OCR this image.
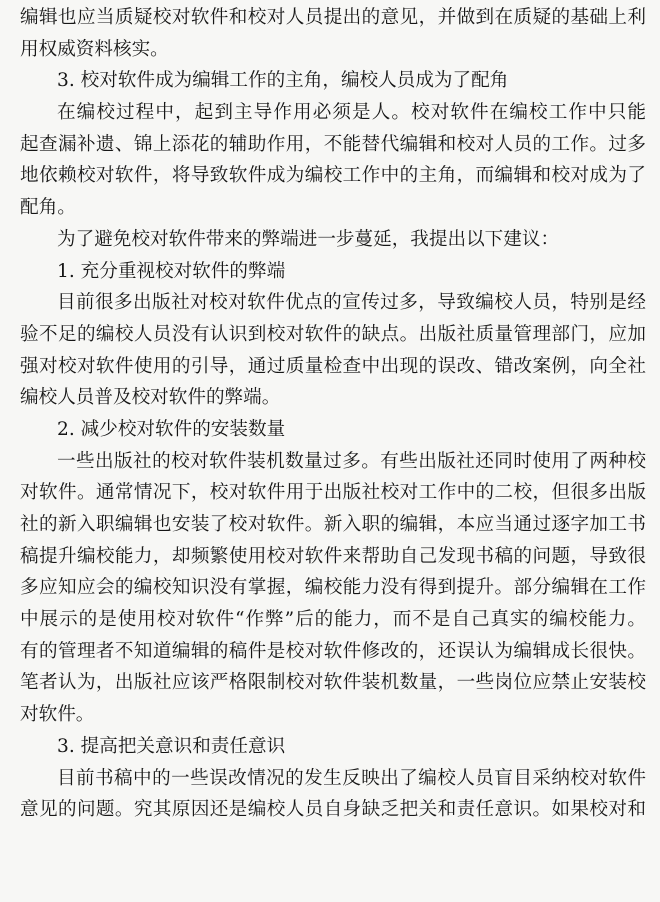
编辑也应当质疑校对软件和校对人员提出的意见，并做到在质疑的基础上利
用权威资料核实。
3. 校对软件成为编辑工作的主角，编校人员成为了配角
在编校过程中，起到主导作用必须是人。校对软件在编校工作中只能
起查漏补遗、锦上添花的辅助作用，不能替代编辑和校对人员的工作。过多
地依赖校对软件，将导致软件成为编校工作中的主角，而编辑和校对成为了
配角。
为了避免校对软件带来的弊端进一步蔓延，我提出以下建议：
1. 充分重视校对软件的弊端
目前很多出版社对校对软件优点的宣传过多，导致编校人员，特别是经
验不足的编校人员没有认识到校对软件的缺点。出版社质量管理部门，应加
强对校对软件使用的引导，通过质量检查中出现的误改、错改案例，向全社
编校人员普及校对软件的弊端。
2. 减少校对软件的安装数量
一些出版社的校对软件装机数量过多。有些出版社还同时使用了两种校
对软件。通常情况下，校对软件用于出版社校对工作中的二校，但很多出版
社的新入职编辑也安装了校对软件。新入职的编辑，本应当通过逐字加工书
稿提升编校能力，却频繁使用校对软件来帮助自己发现书稿的问题，导致很
多应知应会的编校知识没有掌握，编校能力没有得到提升。部分编辑在工作
中展示的是使用校对软件“作弊”后的能力，而不是自己真实的编校能力。
有的管理者不知道编辑的稿件是校对软件修改的，还误认为编辑成长很快。
笔者认为，出版社应该严格限制校对软件装机数量，一些岗位应禁止安装校
对软件。
3. 提高把关意识和责任意识
目前书稿中的一些误改情况的发生反映出了编校人员盲目采纳校对软件
意见的问题。究其原因还是编校人员自身缺乏把关和责任意识。如果校对和
